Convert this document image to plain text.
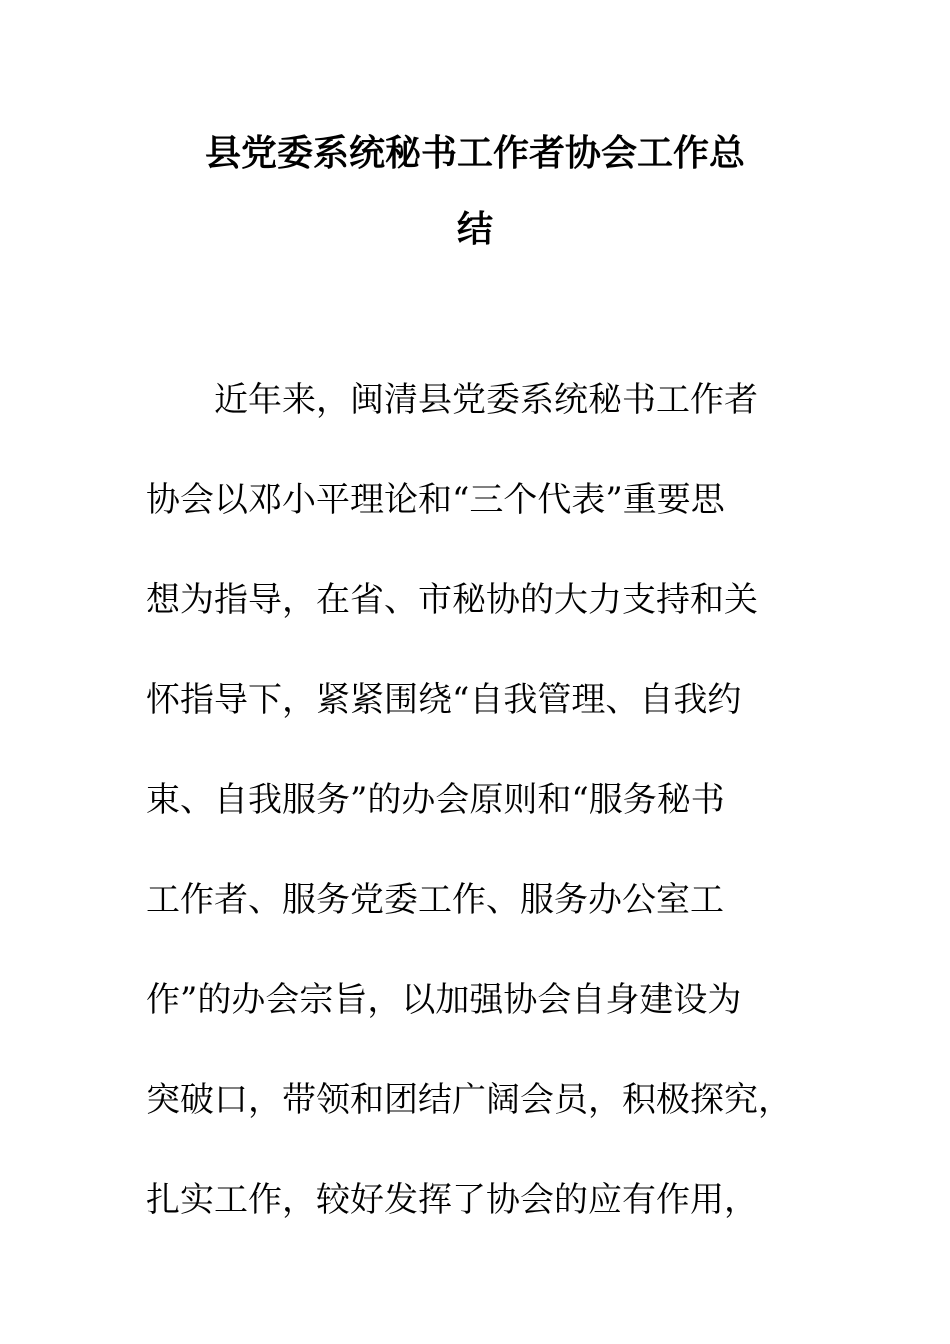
县党委系统秘书工作者协会工作总
结
近年来，闽清县党委系统秘书工作者
协会以邓小平理论和“三个代表”重要思
想为指导，在省、市秘协的大力支持和关
怀指导下，紧紧围绕“自我管理、自我约
束、自我服务”的办会原则和“服务秘书
工作者、服务党委工作、服务办公室工
作”的办会宗旨，以加强协会自身建设为
突破口，带领和团结广阔会员，积极探究，
扎实工作，较好发挥了协会的应有作用，
